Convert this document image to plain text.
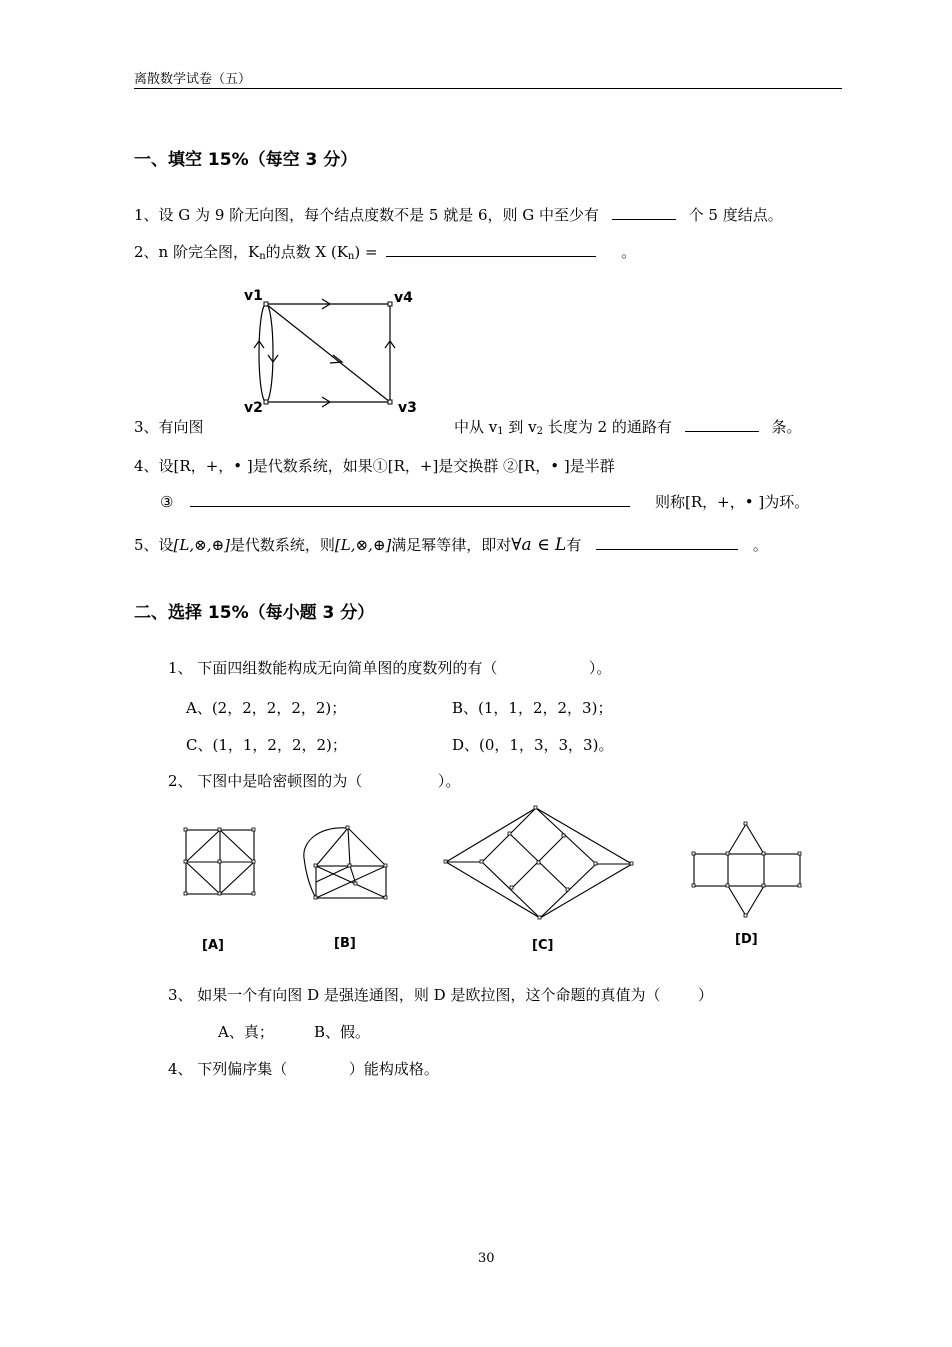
离散数学试卷（五）
一、填空 15%（每空 3 分）
1、设 G 为 9 阶无向图，每个结点度数不是 5 就是 6，则 G 中至少有	个 5 度结点。
2、n 阶完全图，$K_n$的点数 X $(K_n)$ =	。
v1	v4
v2	v3
3、有向图	中从 $v_1$ 到 $v_2$ 长度为 2 的通路有	条。
4、设[R，+，• ]是代数系统，如果①[R，+]是交换群 ②[R，• ]是半群
③	则称[R，+，• ]为环。
5、设[L,⊗,⊕]是代数系统，则[L,⊗,⊕]满足幂等律，即对∀a ∈ L有	。
二、选择 15%（每小题 3 分）
1、 下面四组数能构成无向简单图的度数列的有（	）。
A、(2，2，2，2，2)；	B、(1，1，2，2，3)；
C、(1，1，2，2，2)；	D、(0，1，3，3，3)。
2、 下图中是哈密顿图的为（	）。
[A]	[B]	[C]	[D]
3、 如果一个有向图 D 是强连通图，则 D 是欧拉图，这个命题的真值为（	）
A、真；	B、假。
4、 下列偏序集（	）能构成格。
30
